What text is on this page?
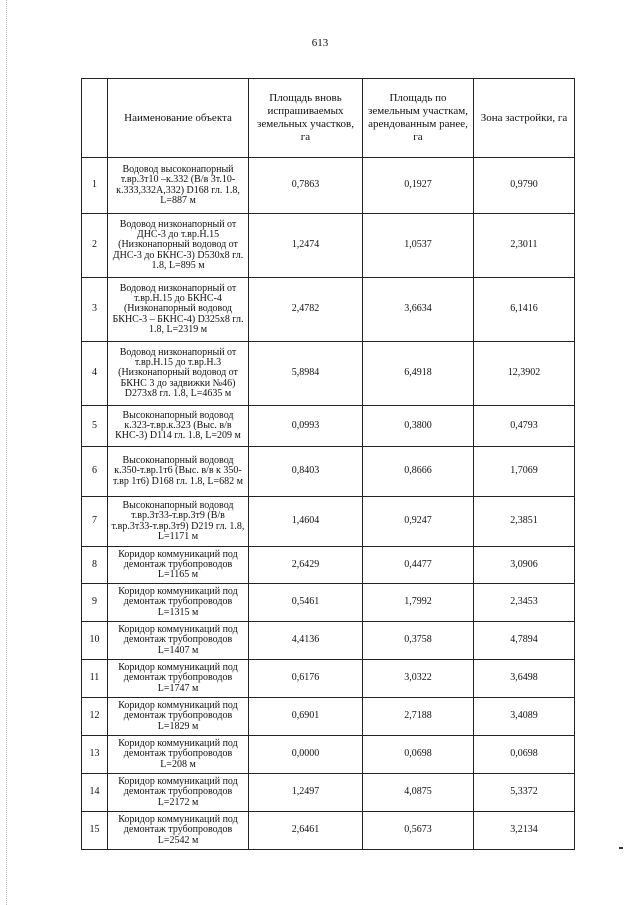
613
	Наименование объекта	Площадь вновь испрашиваемых земельных участков, га	Площадь по земельным участкам, арендованным ранее, га	Зона застройки, га
1	Водовод высоконапорный т.вр.3т10 –к.332 (В/в 3т.10-к.333,332А,332) D168 гл. 1.8, L=887 м	0,7863	0,1927	0,9790
2	Водовод низконапорный от ДНС-3 до т.вр.Н.15 (Низконапорный водовод от ДНС-3 до БКНС-3) D530х8 гл. 1.8, L=895 м	1,2474	1,0537	2,3011
3	Водовод низконапорный от т.вр.Н.15 до БКНС-4 (Низконапорный водовод БКНС-3 – БКНС-4) D325х8 гл. 1.8, L=2319 м	2,4782	3,6634	6,1416
4	Водовод низконапорный от т.вр.Н.15 до т.вр.Н.3 (Низконапорный водовод от БКНС 3 до задвижки №46) D273х8 гл. 1.8, L=4635 м	5,8984	6,4918	12,3902
5	Высоконапорный водовод к.323-т.вр.к.323 (Выс. в/в КНС-3) D114 гл. 1.8, L=209 м	0,0993	0,3800	0,4793
6	Высоконапорный водовод к.350-т.вр.1т6 (Выс. в/в к 350-т.вр 1т6) D168 гл. 1.8, L=682 м	0,8403	0,8666	1,7069
7	Высоконапорный водовод т.вр.3т33-т.вр.3т9 (В/в т.вр.3т33-т.вр.3т9) D219 гл. 1.8, L=1171 м	1,4604	0,9247	2,3851
8	Коридор коммуникаций под демонтаж трубопроводов L=1165 м	2,6429	0,4477	3,0906
9	Коридор коммуникаций под демонтаж трубопроводов L=1315 м	0,5461	1,7992	2,3453
10	Коридор коммуникаций под демонтаж трубопроводов L=1407 м	4,4136	0,3758	4,7894
11	Коридор коммуникаций под демонтаж трубопроводов L=1747 м	0,6176	3,0322	3,6498
12	Коридор коммуникаций под демонтаж трубопроводов L=1829 м	0,6901	2,7188	3,4089
13	Коридор коммуникаций под демонтаж трубопроводов L=208 м	0,0000	0,0698	0,0698
14	Коридор коммуникаций под демонтаж трубопроводов L=2172 м	1,2497	4,0875	5,3372
15	Коридор коммуникаций под демонтаж трубопроводов L=2542 м	2,6461	0,5673	3,2134
